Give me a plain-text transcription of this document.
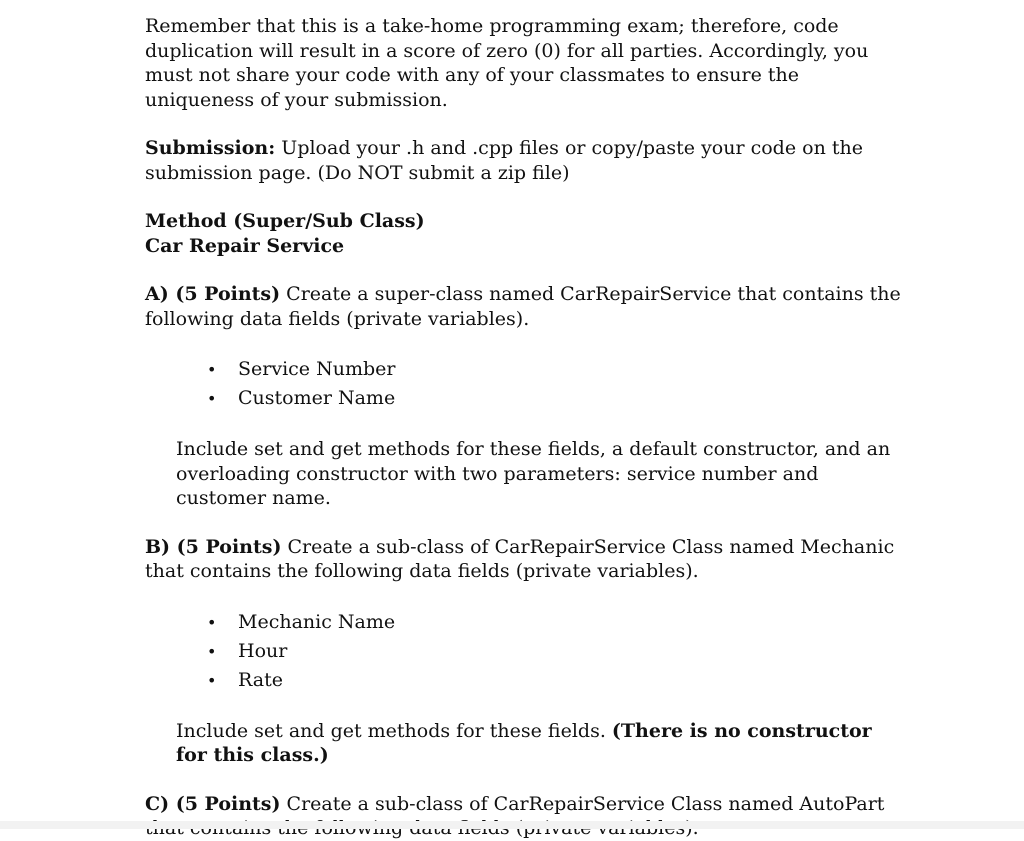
Remember that this is a take-home programming exam; therefore, code duplication will result in a score of zero (0) for all parties. Accordingly, you must not share your code with any of your classmates to ensure the uniqueness of your submission.

Submission: Upload your .h and .cpp files or copy/paste your code on the submission page. (Do NOT submit a zip file)

Method (Super/Sub Class)

Car Repair Service

A) (5 Points) Create a super-class named CarRepairService that contains the following data fields (private variables).

• Service Number
• Customer Name

Include set and get methods for these fields, a default constructor, and an overloading constructor with two parameters: service number and customer name.

B) (5 Points) Create a sub-class of CarRepairService Class named Mechanic that contains the following data fields (private variables).

• Mechanic Name
• Hour
• Rate

Include set and get methods for these fields. (There is no constructor for this class.)

C) (5 Points) Create a sub-class of CarRepairService Class named AutoPart
